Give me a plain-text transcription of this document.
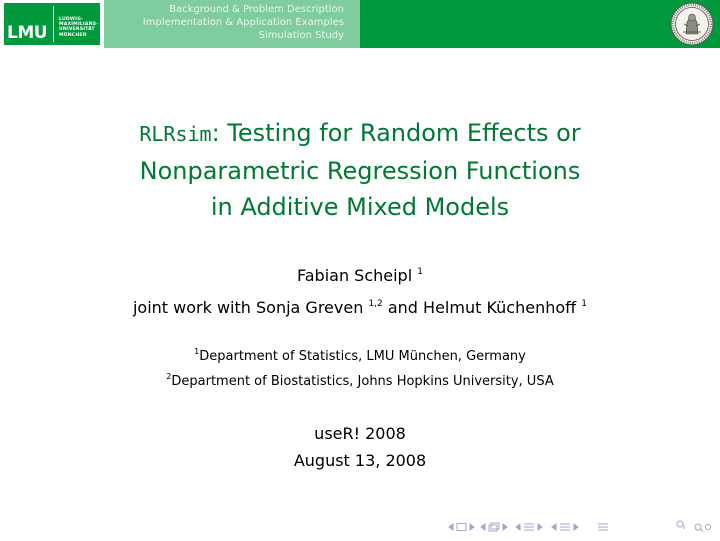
LMU
LUDWIG-
MAXIMILIANS-
UNIVERSITÄT
MÜNCHEN
Background & Problem Description
Implementation & Application Examples
Simulation Study
RLRsim: Testing for Random Effects or
Nonparametric Regression Functions
in Additive Mixed Models
Fabian Scheipl $^1$
joint work with Sonja Greven $^{1,2}$ and Helmut Küchenhoff $^1$
$^1$Department of Statistics, LMU München, Germany
$^2$Department of Biostatistics, Johns Hopkins University, USA
useR! 2008
August 13, 2008
